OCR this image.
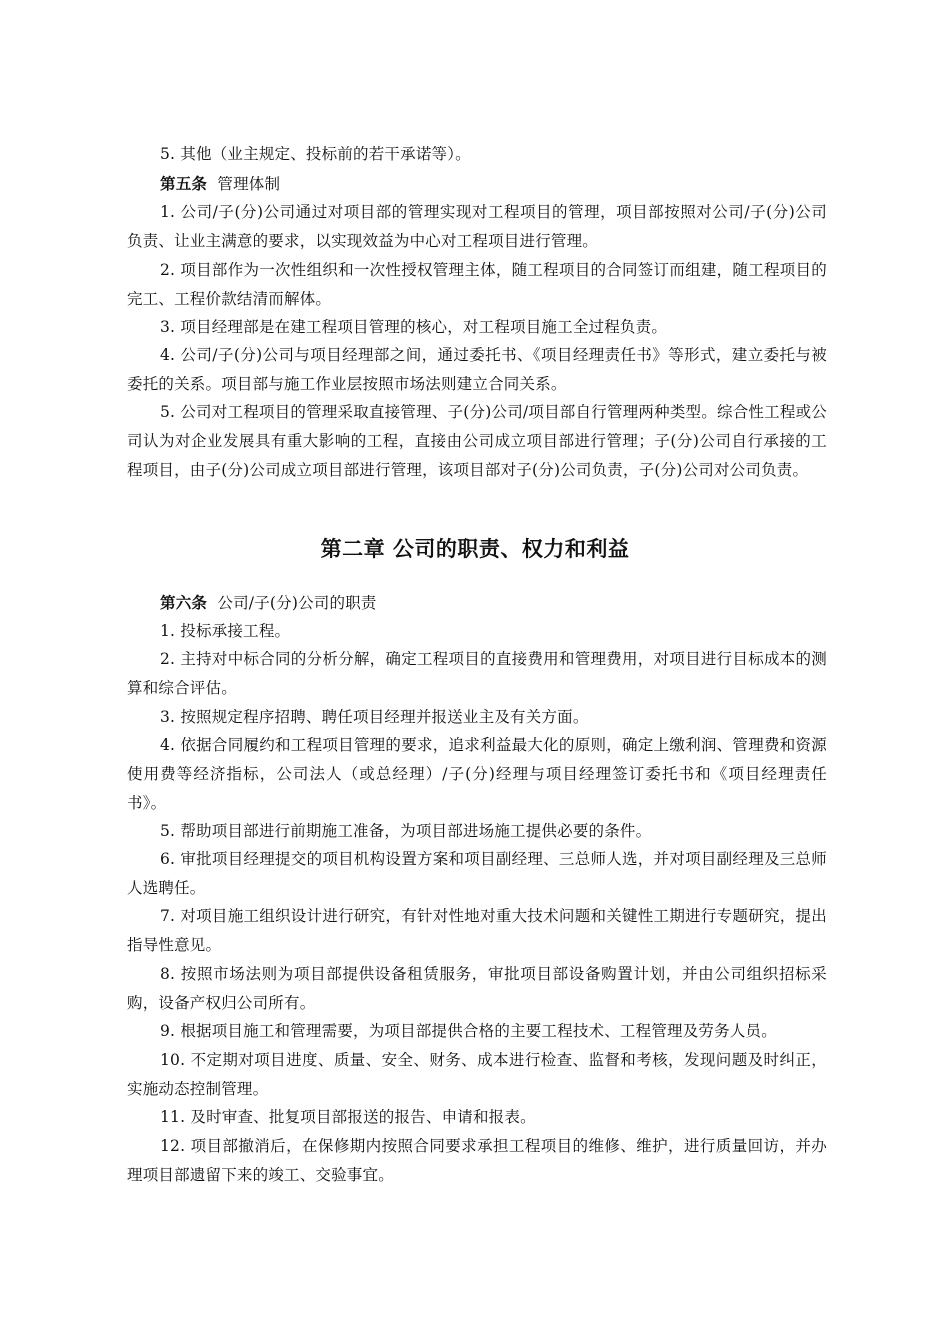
5. 其他（业主规定、投标前的若干承诺等）。

第五条 管理体制

1. 公司/子(分)公司通过对项目部的管理实现对工程项目的管理，项目部按照对公司/子(分)公司负责、让业主满意的要求，以实现效益为中心对工程项目进行管理。

2. 项目部作为一次性组织和一次性授权管理主体，随工程项目的合同签订而组建，随工程项目的完工、工程价款结清而解体。

3. 项目经理部是在建工程项目管理的核心，对工程项目施工全过程负责。

4. 公司/子(分)公司与项目经理部之间，通过委托书、《项目经理责任书》等形式，建立委托与被委托的关系。项目部与施工作业层按照市场法则建立合同关系。

5. 公司对工程项目的管理采取直接管理、子(分)公司/项目部自行管理两种类型。综合性工程或公司认为对企业发展具有重大影响的工程，直接由公司成立项目部进行管理；子(分)公司自行承接的工程项目，由子(分)公司成立项目部进行管理，该项目部对子(分)公司负责，子(分)公司对公司负责。

第二章 公司的职责、权力和利益

第六条 公司/子(分)公司的职责

1. 投标承接工程。

2. 主持对中标合同的分析分解，确定工程项目的直接费用和管理费用，对项目进行目标成本的测算和综合评估。

3. 按照规定程序招聘、聘任项目经理并报送业主及有关方面。

4. 依据合同履约和工程项目管理的要求，追求利益最大化的原则，确定上缴利润、管理费和资源使用费等经济指标，公司法人（或总经理）/子(分)经理与项目经理签订委托书和《项目经理责任书》。

5. 帮助项目部进行前期施工准备，为项目部进场施工提供必要的条件。

6. 审批项目经理提交的项目机构设置方案和项目副经理、三总师人选，并对项目副经理及三总师人选聘任。

7. 对项目施工组织设计进行研究，有针对性地对重大技术问题和关键性工期进行专题研究，提出指导性意见。

8. 按照市场法则为项目部提供设备租赁服务，审批项目部设备购置计划，并由公司组织招标采购，设备产权归公司所有。

9. 根据项目施工和管理需要，为项目部提供合格的主要工程技术、工程管理及劳务人员。

10. 不定期对项目进度、质量、安全、财务、成本进行检查、监督和考核，发现问题及时纠正，实施动态控制管理。

11. 及时审查、批复项目部报送的报告、申请和报表。

12. 项目部撤消后，在保修期内按照合同要求承担工程项目的维修、维护，进行质量回访，并办理项目部遗留下来的竣工、交验事宜。
